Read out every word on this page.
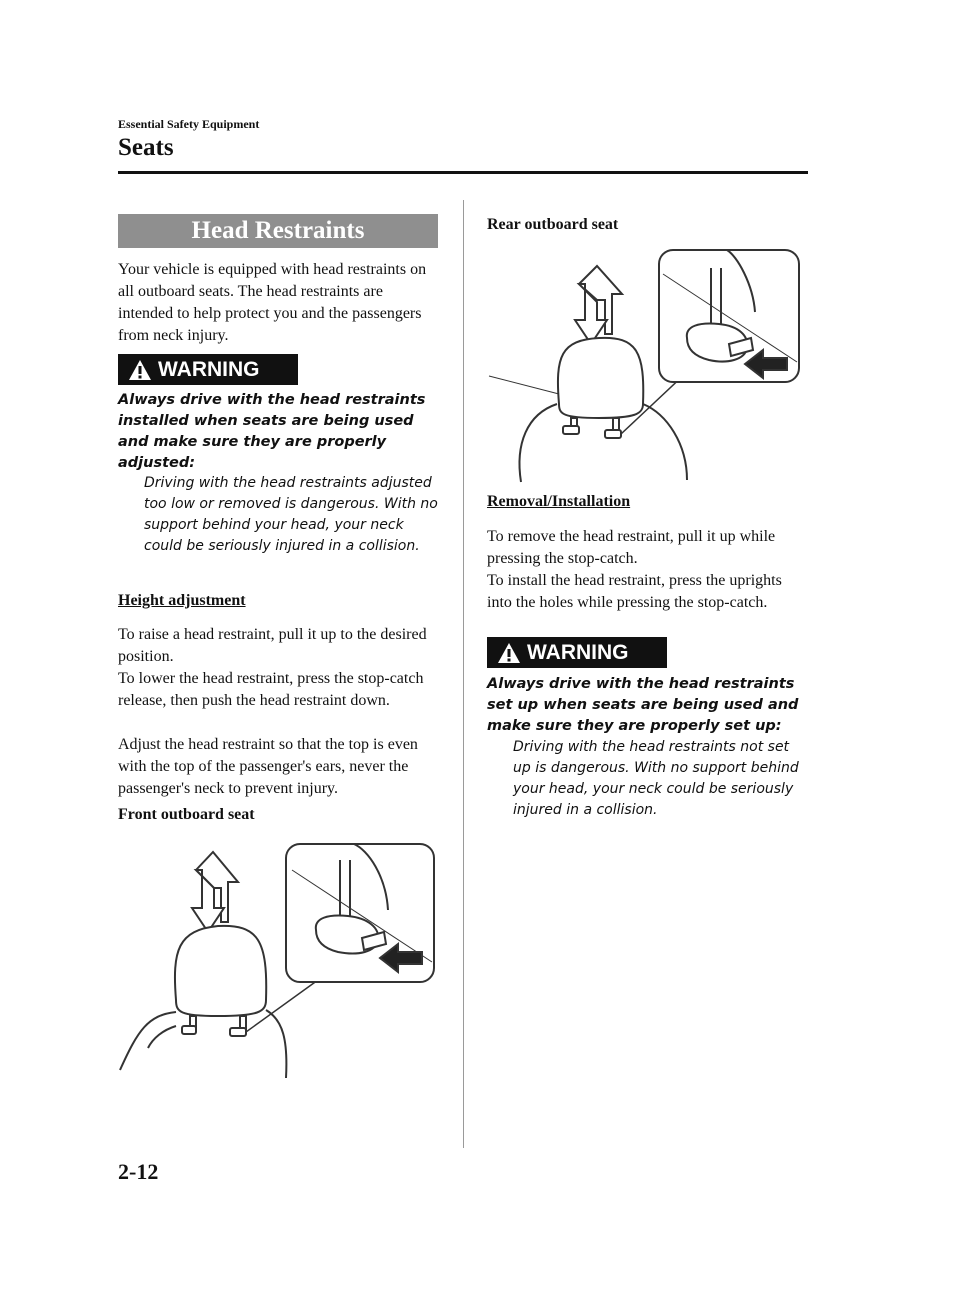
Essential Safety Equipment
Seats
Head Restraints
Your vehicle is equipped with head restraints on all outboard seats. The head restraints are intended to help protect you and the passengers from neck injury.
WARNING
Always drive with the head restraints installed when seats are being used and make sure they are properly adjusted:
Driving with the head restraints adjusted too low or removed is dangerous. With no support behind your head, your neck could be seriously injured in a collision.
Height adjustment
To raise a head restraint, pull it up to the desired position.
To lower the head restraint, press the stop-catch release, then push the head restraint down.
Adjust the head restraint so that the top is even with the top of the passenger's ears, never the passenger's neck to prevent injury.
Front outboard seat
Rear outboard seat
Removal/Installation
To remove the head restraint, pull it up while pressing the stop-catch.
To install the head restraint, press the uprights into the holes while pressing the stop-catch.
WARNING
Always drive with the head restraints set up when seats are being used and make sure they are properly set up:
Driving with the head restraints not set up is dangerous. With no support behind your head, your neck could be seriously injured in a collision.
2-12
